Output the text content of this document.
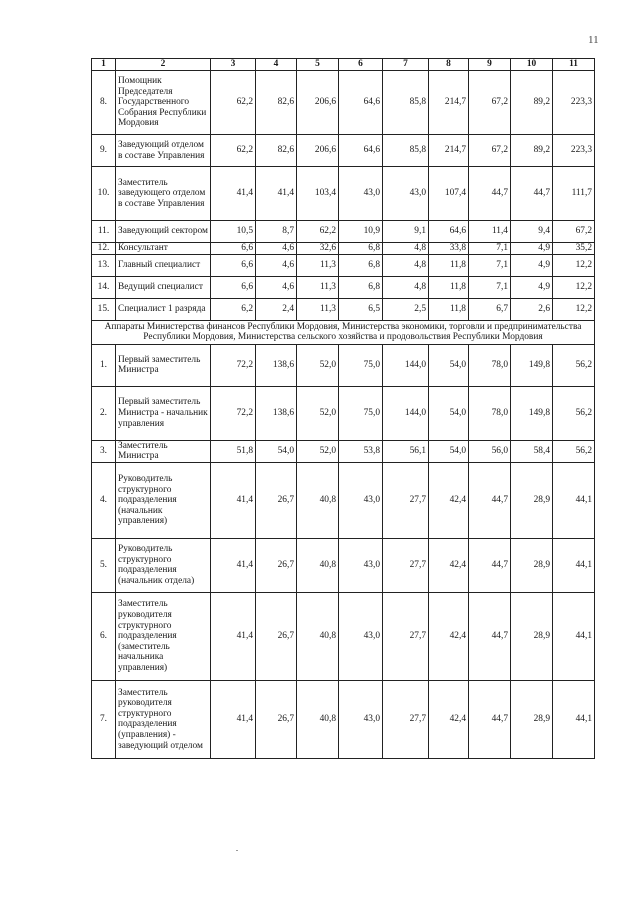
11
1	2	3	4	5	6	7	8	9	10	11
8.	Помощник Председателя Государственного Собрания Республики Мордовия	62,2	82,6	206,6	64,6	85,8	214,7	67,2	89,2	223,3
9.	Заведующий отделом в составе Управления	62,2	82,6	206,6	64,6	85,8	214,7	67,2	89,2	223,3
10.	Заместитель заведующего отделом в составе Управления	41,4	41,4	103,4	43,0	43,0	107,4	44,7	44,7	111,7
11.	Заведующий сектором	10,5	8,7	62,2	10,9	9,1	64,6	11,4	9,4	67,2
12.	Консультант	6,6	4,6	32,6	6,8	4,8	33,8	7,1	4,9	35,2
13.	Главный специалист	6,6	4,6	11,3	6,8	4,8	11,8	7,1	4,9	12,2
14.	Ведущий специалист	6,6	4,6	11,3	6,8	4,8	11,8	7,1	4,9	12,2
15.	Специалист 1 разряда	6,2	2,4	11,3	6,5	2,5	11,8	6,7	2,6	12,2
Аппараты Министерства финансов Республики Мордовия, Министерства экономики, торговли и предпринимательства Республики Мордовия, Министерства сельского хозяйства и продовольствия Республики Мордовия										
1.	Первый заместитель Министра	72,2	138,6	52,0	75,0	144,0	54,0	78,0	149,8	56,2
2.	Первый заместитель Министра - начальник управления	72,2	138,6	52,0	75,0	144,0	54,0	78,0	149,8	56,2
3.	Заместитель Министра	51,8	54,0	52,0	53,8	56,1	54,0	56,0	58,4	56,2
4.	Руководитель структурного подразделения (начальник управления)	41,4	26,7	40,8	43,0	27,7	42,4	44,7	28,9	44,1
5.	Руководитель структурного подразделения (начальник отдела)	41,4	26,7	40,8	43,0	27,7	42,4	44,7	28,9	44,1
6.	Заместитель руководителя структурного подразделения (заместитель начальника управления)	41,4	26,7	40,8	43,0	27,7	42,4	44,7	28,9	44,1
7.	Заместитель руководителя структурного подразделения (управления) - заведующий отделом	41,4	26,7	40,8	43,0	27,7	42,4	44,7	28,9	44,1
